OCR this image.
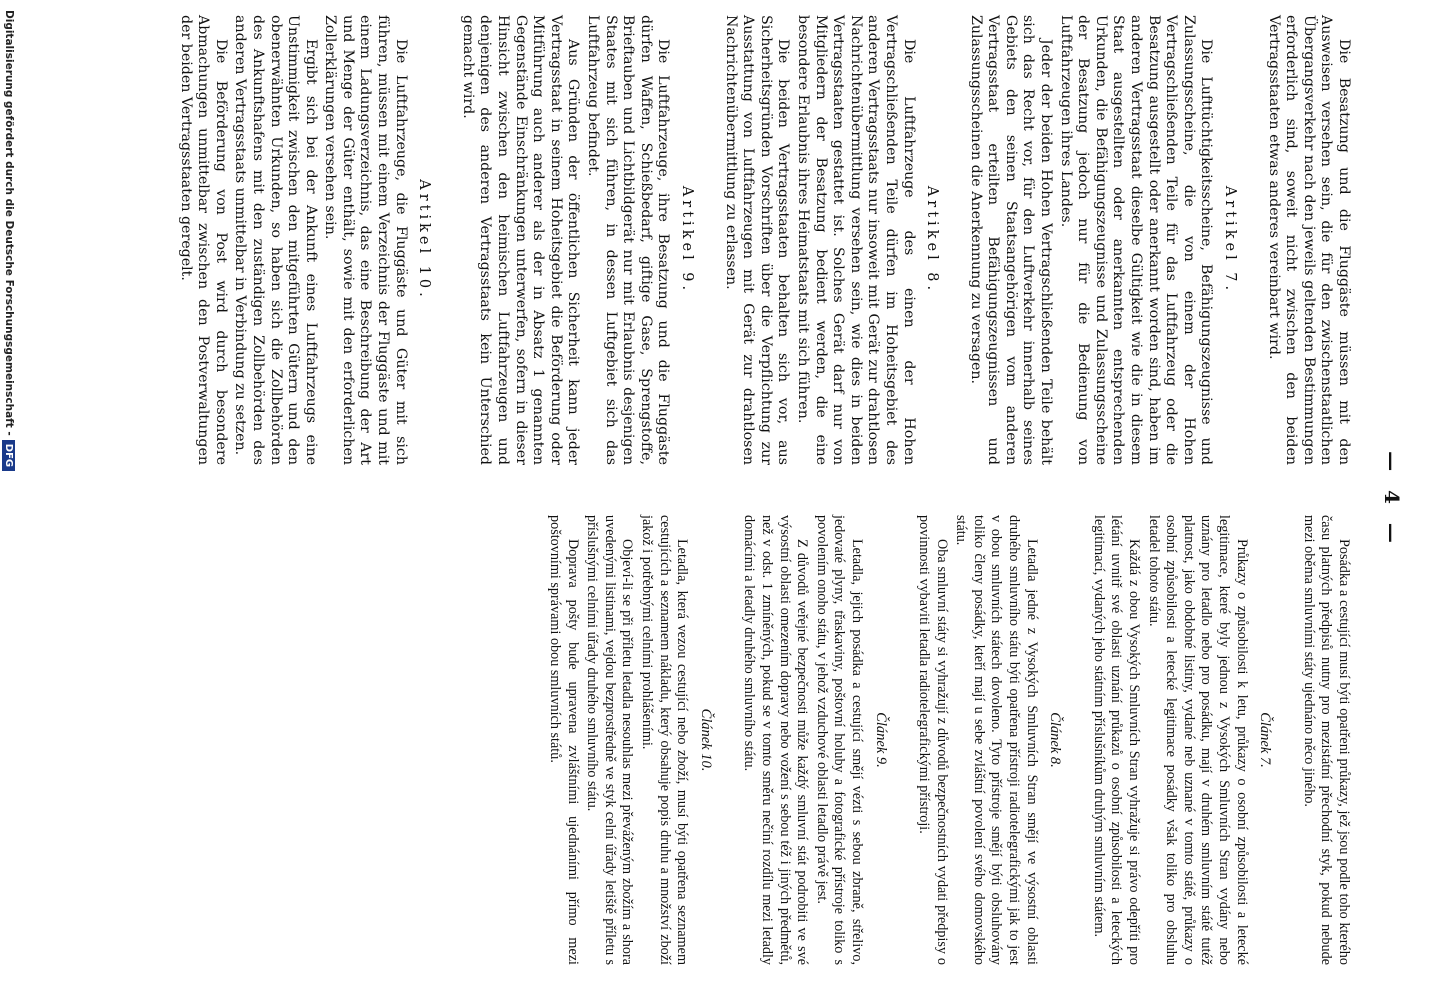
— 4 —

Die Besatzung und die Fluggäste müssen mit den Ausweisen versehen sein, die für den zwischenstaatlichen Übergangsverkehr nach den jeweils geltenden Bestimmungen erforderlich sind, soweit nicht zwischen den beiden Vertragsstaaten etwas anderes vereinbart wird.

Artikel 7.

Die Lufttüchtigkeitsscheine, Befähigungszeugnisse und Zulassungsscheine, die von einem der Hohen Vertragschließenden Teile für das Luftfahrzeug oder die Besatzung ausgestellt oder anerkannt worden sind, haben im anderen Vertragsstaat dieselbe Gültigkeit wie die in diesem Staat ausgestellten oder anerkannten entsprechenden Urkunden, die Befähigungszeugnisse und Zulassungsscheine der Besatzung jedoch nur für die Bedienung von Luftfahrzeugen ihres Landes.

Jeder der beiden Hohen Vertragschließenden Teile behält sich das Recht vor, für den Luftverkehr innerhalb seines Gebiets den seinen Staatsangehörigen vom anderen Vertragsstaat erteilten Befähigungszeugnissen und Zulassungsscheinen die Anerkennung zu versagen.

Artikel 8.

Die Luftfahrzeuge des einen der Hohen Vertragschließenden Teile dürfen im Hoheitsgebiet des anderen Vertragsstaats nur insoweit mit Gerät zur drahtlosen Nachrichtenübermittlung versehen sein, wie dies in beiden Vertragsstaaten gestattet ist. Solches Gerät darf nur von Mitgliedern der Besatzung bedient werden, die eine besondere Erlaubnis ihres Heimatstaats mit sich führen.

Die beiden Vertragsstaaten behalten sich vor, aus Sicherheitsgründen Vorschriften über die Verpflichtung zur Ausstattung von Luftfahrzeugen mit Gerät zur drahtlosen Nachrichtenübermittlung zu erlassen.

Artikel 9.

Die Luftfahrzeuge, ihre Besatzung und die Fluggäste dürfen Waffen, Schießbedarf, giftige Gase, Sprengstoffe, Brieftauben und Lichtbildgerät nur mit Erlaubnis desjenigen Staates mit sich führen, in dessen Luftgebiet sich das Luftfahrzeug befindet.

Aus Gründen der öffentlichen Sicherheit kann jeder Vertragsstaat in seinem Hoheitsgebiet die Beförderung oder Mitführung auch anderer als der in Absatz 1 genannten Gegenstände Einschränkungen unterwerfen, sofern in dieser Hinsicht zwischen den heimischen Luftfahrzeugen und denjenigen des anderen Vertragsstaats kein Unterschied gemacht wird.

Artikel 10.

Die Luftfahrzeuge, die Fluggäste und Güter mit sich führen, müssen mit einem Verzeichnis der Fluggäste und mit einem Ladungsverzeichnis, das eine Beschreibung der Art und Menge der Güter enthält, sowie mit den erforderlichen Zollerklärungen versehen sein.

Ergibt sich bei der Ankunft eines Luftfahrzeugs eine Unstimmigkeit zwischen den mitgeführten Gütern und den obenerwähnten Urkunden, so haben sich die Zollbehörden des Ankunftshafens mit den zuständigen Zollbehörden des anderen Vertragsstaats unmittelbar in Verbindung zu setzen.

Die Beförderung von Post wird durch besondere Abmachungen unmittelbar zwischen den Postverwaltungen der beiden Vertragsstaaten geregelt.

Posádka a cestující musí býti opatřeni průkazy, jež jsou podle toho kterého času platných předpisů nutny pro mezistátní přechodní styk, pokud nebude mezi oběma smluvními státy ujednáno něco jiného.

Článek 7.

Průkazy o způsobilosti k letu, průkazy o osobní způsobilosti a letecké legitimace, které byly jednou z Vysokých Smluvních Stran vydány nebo uznány pro letadlo nebo pro posádku, mají v druhém smluvním státě tutéž platnost, jako obdobné listiny, vydané neb uznané v tomto státě, průkazy o osobní způsobilosti a letecké legitimace posádky však toliko pro obsluhu letadel tohoto státu.

Každá z obou Vysokých Smluvních Stran vyhražuje si právo odepříti pro létání uvnitř své oblasti uznání průkazů o osobní způsobilosti a leteckých legitimací, vydaných jeho státním příslušníkům druhým smluvním státem.

Článek 8.

Letadla jedné z Vysokých Smluvních Stran smějí ve výsostní oblasti druhého smluvního státu býti opatřena přístroji radiotelegrafickými jak to jest v obou smluvních státech dovoleno. Tyto přístroje smějí býti obsluhovány toliko členy posádky, kteří mají u sebe zvláštní povolení svého domovského státu.

Oba smluvní státy si vyhražují z důvodů bezpečnostních vydati předpisy o povinnosti vybaviti letadla radiotelegrafickými přístroji.

Článek 9.

Letadla, jejich posádka a cestující smějí vézti s sebou zbraně, střelivo, jedovaté plyny, třaskaviny, poštovní holuby a fotografické přístroje toliko s povolením onoho státu, v jehož vzduchové oblasti letadlo právě jest.

Z důvodů veřejné bezpečnosti může každý smluvní stát podrobiti ve své výsostní oblasti omezením dopravy nebo vožení s sebou též i jiných předmětů, než v odst. 1 zmíněných, pokud se v tomto směru nečiní rozdílu mezi letadly domácími a letadly druhého smluvního státu.

Článek 10.

Letadla, která vezou cestující nebo zboží, musí býti opatřena seznamem cestujících a seznamem nákladu, který obsahuje popis druhu a množství zboží jakož i potřebnými celními prohlášeními.

Objeví-li se při příletu letadla nesouhlas mezi převáženým zbožím a shora uvedenými listinami, vejdou bezprostředně ve styk celní úřady letiště příletu s příslušnými celními úřady druhého smluvního státu.

Doprava pošty bude upravena zvláštními ujednáními přímo mezi poštovními správami obou smluvních států.

Digitalisierung gefördert durch die Deutsche Forschungsgemeinschaft -DFG
